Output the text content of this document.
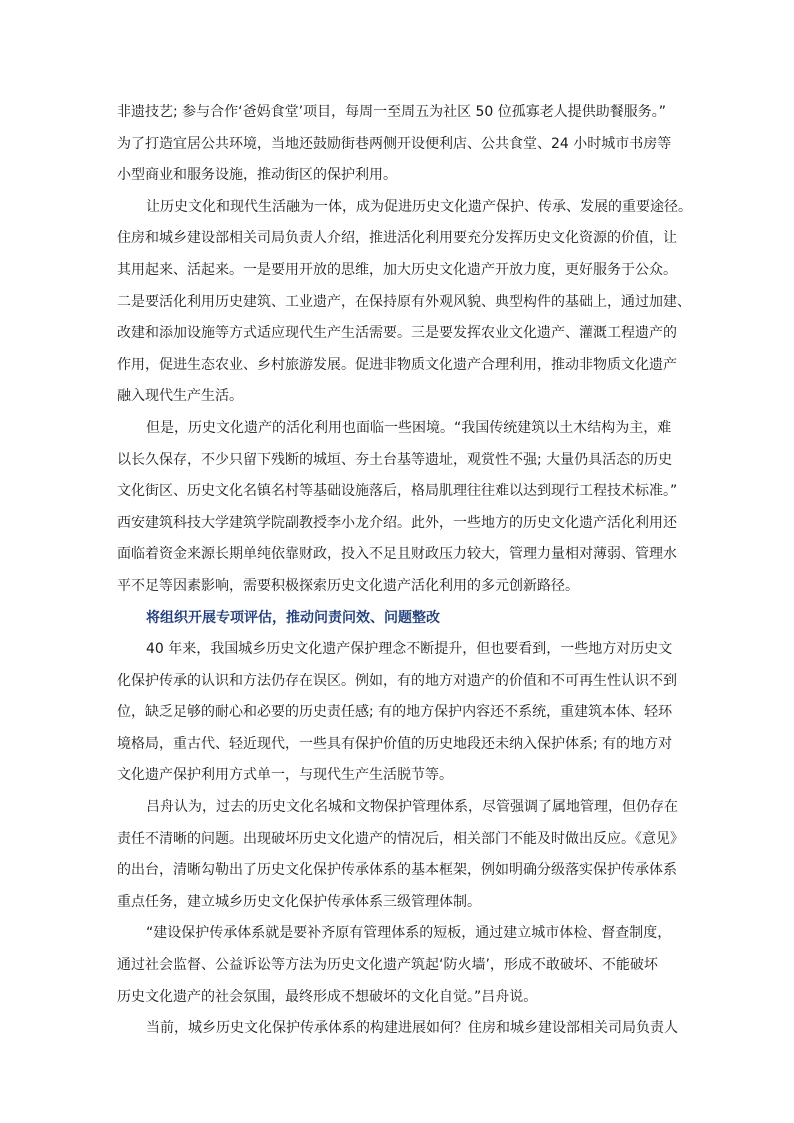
非遗技艺; 参与合作‘爸妈食堂’项目，每周一至周五为社区 50 位孤寡老人提供助餐服务。”
为了打造宜居公共环境，当地还鼓励街巷两侧开设便利店、公共食堂、24 小时城市书房等
小型商业和服务设施，推动街区的保护利用。
让历史文化和现代生活融为一体，成为促进历史文化遗产保护、传承、发展的重要途径。
住房和城乡建设部相关司局负责人介绍，推进活化利用要充分发挥历史文化资源的价值，让
其用起来、活起来。一是要用开放的思维，加大历史文化遗产开放力度，更好服务于公众。
二是要活化利用历史建筑、工业遗产，在保持原有外观风貌、典型构件的基础上，通过加建、
改建和添加设施等方式适应现代生产生活需要。三是要发挥农业文化遗产、灌溉工程遗产的
作用，促进生态农业、乡村旅游发展。促进非物质文化遗产合理利用，推动非物质文化遗产
融入现代生产生活。
但是，历史文化遗产的活化利用也面临一些困境。“我国传统建筑以土木结构为主，难
以长久保存，不少只留下残断的城垣、夯土台基等遗址，观赏性不强; 大量仍具活态的历史
文化街区、历史文化名镇名村等基础设施落后，格局肌理往往难以达到现行工程技术标准。”
西安建筑科技大学建筑学院副教授李小龙介绍。此外，一些地方的历史文化遗产活化利用还
面临着资金来源长期单纯依靠财政，投入不足且财政压力较大，管理力量相对薄弱、管理水
平不足等因素影响，需要积极探索历史文化遗产活化利用的多元创新路径。
将组织开展专项评估，推动问责问效、问题整改
40 年来，我国城乡历史文化遗产保护理念不断提升，但也要看到，一些地方对历史文
化保护传承的认识和方法仍存在误区。例如，有的地方对遗产的价值和不可再生性认识不到
位，缺乏足够的耐心和必要的历史责任感; 有的地方保护内容还不系统，重建筑本体、轻环
境格局，重古代、轻近现代，一些具有保护价值的历史地段还未纳入保护体系; 有的地方对
文化遗产保护利用方式单一，与现代生产生活脱节等。
吕舟认为，过去的历史文化名城和文物保护管理体系，尽管强调了属地管理，但仍存在
责任不清晰的问题。出现破坏历史文化遗产的情况后，相关部门不能及时做出反应。《意见》
的出台，清晰勾勒出了历史文化保护传承体系的基本框架，例如明确分级落实保护传承体系
重点任务，建立城乡历史文化保护传承体系三级管理体制。
“建设保护传承体系就是要补齐原有管理体系的短板，通过建立城市体检、督查制度，
通过社会监督、公益诉讼等方法为历史文化遗产筑起‘防火墙’，形成不敢破坏、不能破坏
历史文化遗产的社会氛围，最终形成不想破坏的文化自觉。”吕舟说。
当前，城乡历史文化保护传承体系的构建进展如何？住房和城乡建设部相关司局负责人
